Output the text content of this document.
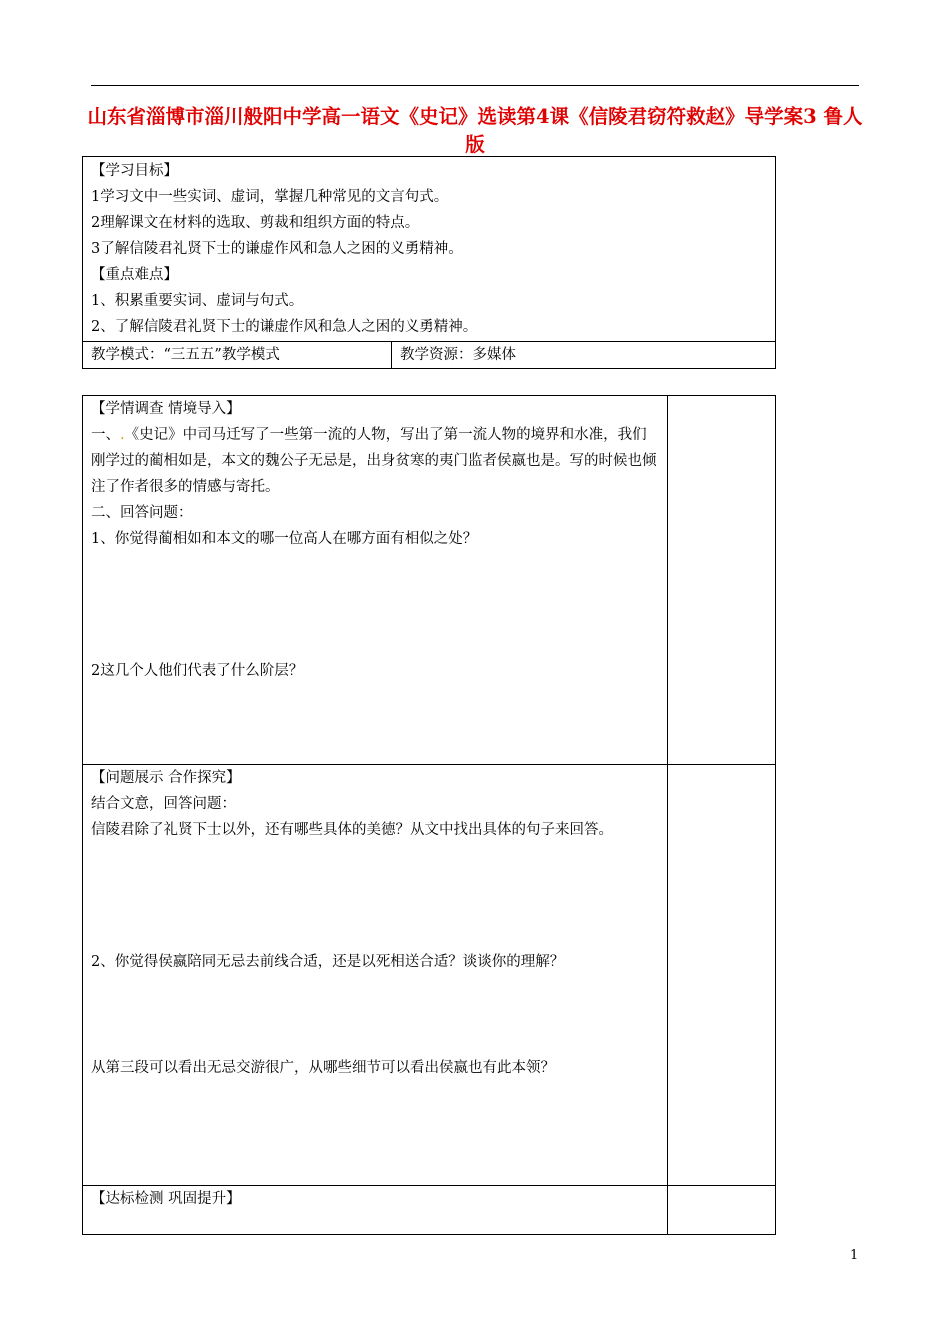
山东省淄博市淄川般阳中学高一语文《史记》选读第4课《信陵君窃符救赵》导学案3 鲁人版
【学习目标】
1学习文中一些实词、虚词，掌握几种常见的文言句式。
2理解课文在材料的选取、剪裁和组织方面的特点。
3了解信陵君礼贤下士的谦虚作风和急人之困的义勇精神。
【重点难点】
1、积累重要实词、虚词与句式。
2、了解信陵君礼贤下士的谦虚作风和急人之困的义勇精神。

教学模式：“三五五”教学模式	教学资源：多媒体
【学情调查 情境导入】
一、.《史记》中司马迁写了一些第一流的人物，写出了第一流人物的境界和水准，我们刚学过的蔺相如是，本文的魏公子无忌是，出身贫寒的夷门监者侯嬴也是。写的时候也倾注了作者很多的情感与寄托。
二、回答问题：
1、你觉得蔺相如和本文的哪一位高人在哪方面有相似之处？
2这几个人他们代表了什么阶层？	

【问题展示 合作探究】
结合文意，回答问题：
信陵君除了礼贤下士以外，还有哪些具体的美德？从文中找出具体的句子来回答。
2、你觉得侯嬴陪同无忌去前线合适，还是以死相送合适？谈谈你的理解？
从第三段可以看出无忌交游很广，从哪些细节可以看出侯嬴也有此本领？	

【达标检测 巩固提升】	

1
